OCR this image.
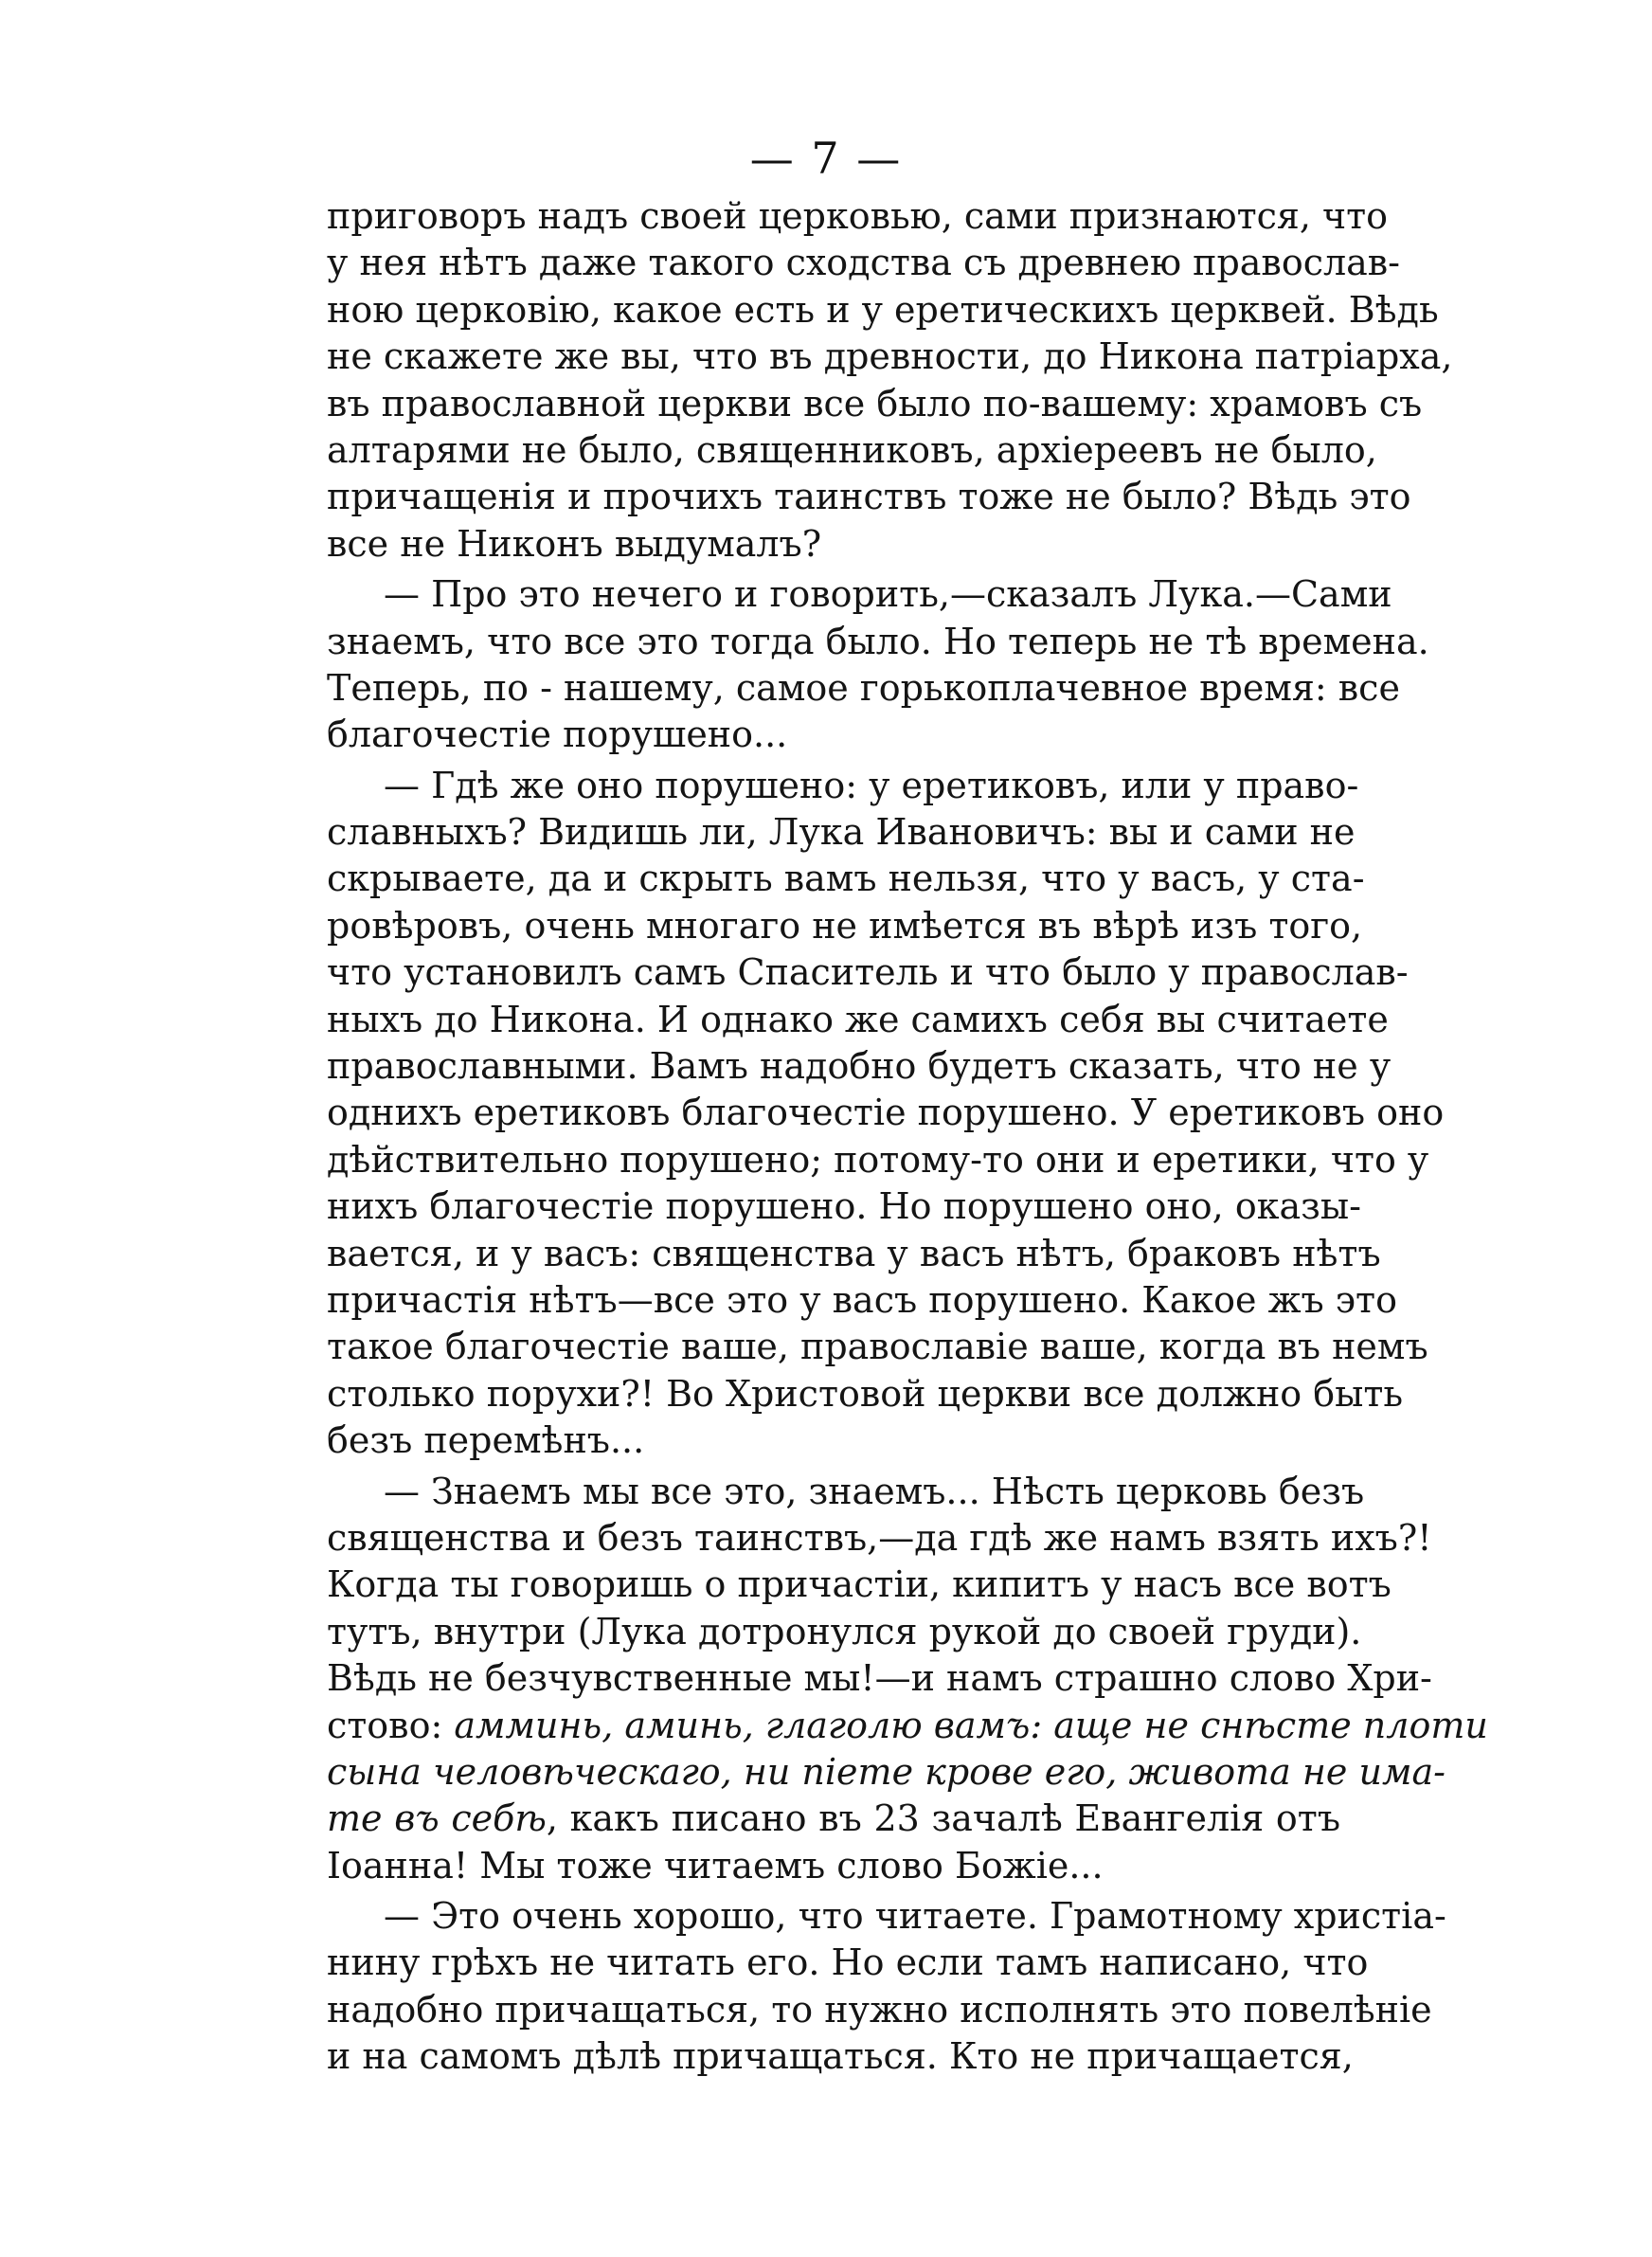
— 7 —
приговоръ надъ своей церковью, сами признаются, что
у нея нѣтъ даже такого сходства съ древнею православ-
ною церковію, какое есть и у еретическихъ церквей. Вѣдь
не скажете же вы, что въ древности, до Никона патріарха,
въ православной церкви все было по-вашему: храмовъ съ
алтарями не было, священниковъ, архіереевъ не было,
причащенія и прочихъ таинствъ тоже не было? Вѣдь это
все не Никонъ выдумалъ?
— Про это нечего и говорить,—сказалъ Лука.—Сами
знаемъ, что все это тогда было. Но теперь не тѣ времена.
Теперь, по - нашему, самое горькоплачевное время: все
благочестіе порушено...
— Гдѣ же оно порушено: у еретиковъ, или у право-
славныхъ? Видишь ли, Лука Ивановичъ: вы и сами не
скрываете, да и скрыть вамъ нельзя, что у васъ, у ста-
ровѣровъ, очень многаго не имѣется въ вѣрѣ изъ того,
что установилъ самъ Спаситель и что было у православ-
ныхъ до Никона. И однако же самихъ себя вы считаете
православными. Вамъ надобно будетъ сказать, что не у
однихъ еретиковъ благочестіе порушено. У еретиковъ оно
дѣйствительно порушено; потому-то они и еретики, что у
нихъ благочестіе порушено. Но порушено оно, оказы-
вается, и у васъ: священства у васъ нѣтъ, браковъ нѣтъ
причастія нѣтъ—все это у васъ порушено. Какое жъ это
такое благочестіе ваше, православіе ваше, когда въ немъ
столько порухи?! Во Христовой церкви все должно быть
безъ перемѣнъ...
— Знаемъ мы все это, знаемъ... Нѣсть церковь безъ
священства и безъ таинствъ,—да гдѣ же намъ взять ихъ?!
Когда ты говоришь о причастіи, кипитъ у насъ все вотъ
тутъ, внутри (Лука дотронулся рукой до своей груди).
Вѣдь не безчувственные мы!—и намъ страшно слово Хри-
стово: амминь, аминь, глаголю вамъ: аще не снѣсте плоти
сына человѣческаго, ни піете крове его, живота не има-
те въ себѣ, какъ писано въ 23 зачалѣ Евангелія отъ
Іоанна! Мы тоже читаемъ слово Божіе...
— Это очень хорошо, что читаете. Грамотному христіа-
нину грѣхъ не читать его. Но если тамъ написано, что
надобно причащаться, то нужно исполнять это повелѣніе
и на самомъ дѣлѣ причащаться. Кто не причащается,
